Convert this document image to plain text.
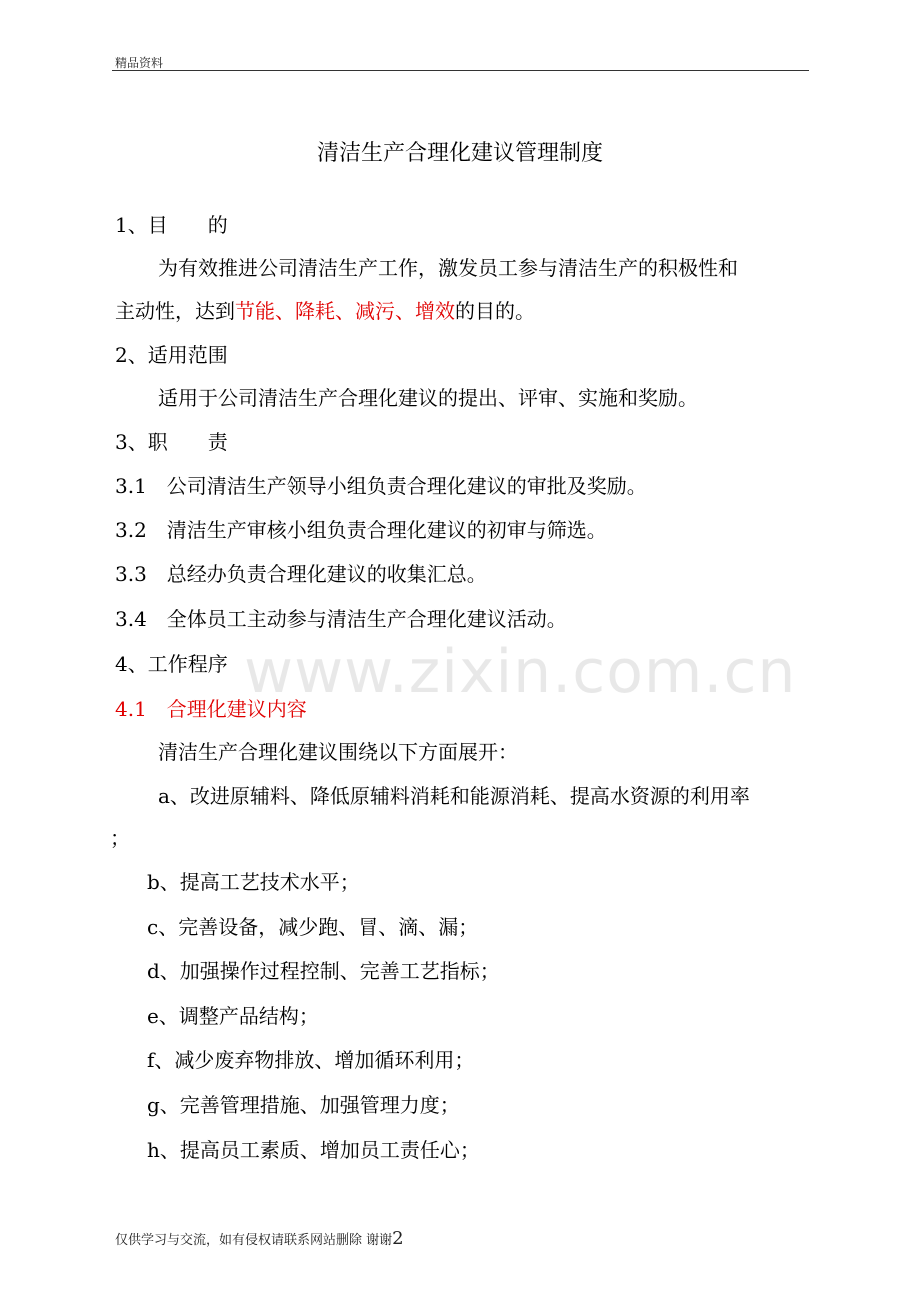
精品资料
清洁生产合理化建议管理制度
1、目　　的
为有效推进公司清洁生产工作，激发员工参与清洁生产的积极性和
主动性，达到节能、降耗、减污、增效的目的。
2、适用范围
适用于公司清洁生产合理化建议的提出、评审、实施和奖励。
3、职　　责
3.1　公司清洁生产领导小组负责合理化建议的审批及奖励。
3.2　清洁生产审核小组负责合理化建议的初审与筛选。
3.3　总经办负责合理化建议的收集汇总。
3.4　全体员工主动参与清洁生产合理化建议活动。
4、工作程序
4.1　合理化建议内容
清洁生产合理化建议围绕以下方面展开：
a、改进原辅料、降低原辅料消耗和能源消耗、提高水资源的利用率
；
b、提高工艺技术水平；
c、完善设备，减少跑、冒、滴、漏；
d、加强操作过程控制、完善工艺指标；
e、调整产品结构；
f、减少废弃物排放、增加循环利用；
g、完善管理措施、加强管理力度；
h、提高员工素质、增加员工责任心；
www.zixin.com.cn
仅供学习与交流，如有侵权请联系网站删除 谢谢2
